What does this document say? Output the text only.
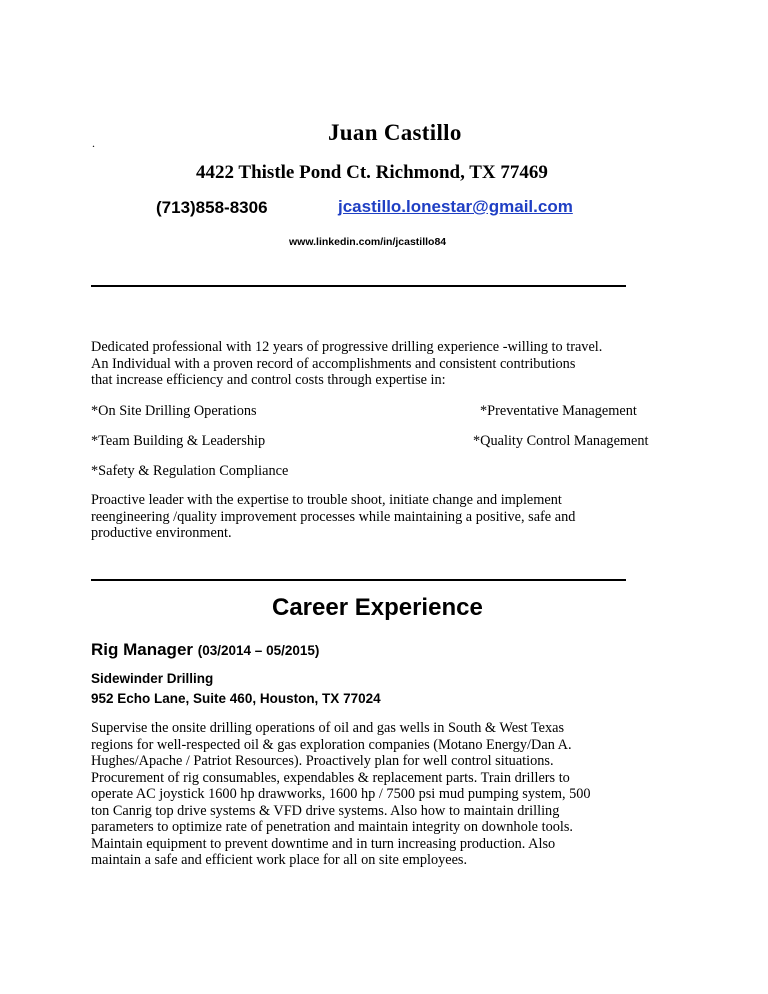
.	Juan Castillo
4422 Thistle Pond Ct. Richmond, TX 77469
(713)858-8306	jcastillo.lonestar@gmail.com
www.linkedin.com/in/jcastillo84
Dedicated professional with 12 years of progressive drilling experience -willing to travel.
An Individual with a proven record of accomplishments and consistent contributions
that increase efficiency and control costs through expertise in:
*On Site Drilling Operations	*Preventative Management
*Team Building & Leadership	*Quality Control Management
*Safety & Regulation Compliance
Proactive leader with the expertise to trouble shoot, initiate change and implement
reengineering /quality improvement processes while maintaining a positive, safe and
productive environment.
Career Experience
Rig Manager (03/2014 – 05/2015)
Sidewinder Drilling
952 Echo Lane, Suite 460, Houston, TX 77024
Supervise the onsite drilling operations of oil and gas wells in South & West Texas
regions for well-respected oil & gas exploration companies (Motano Energy/Dan A.
Hughes/Apache / Patriot Resources). Proactively plan for well control situations.
Procurement of rig consumables, expendables & replacement parts. Train drillers to
operate AC joystick 1600 hp drawworks, 1600 hp / 7500 psi mud pumping system, 500
ton Canrig top drive systems & VFD drive systems. Also how to maintain drilling
parameters to optimize rate of penetration and maintain integrity on downhole tools.
Maintain equipment to prevent downtime and in turn increasing production. Also
maintain a safe and efficient work place for all on site employees.
